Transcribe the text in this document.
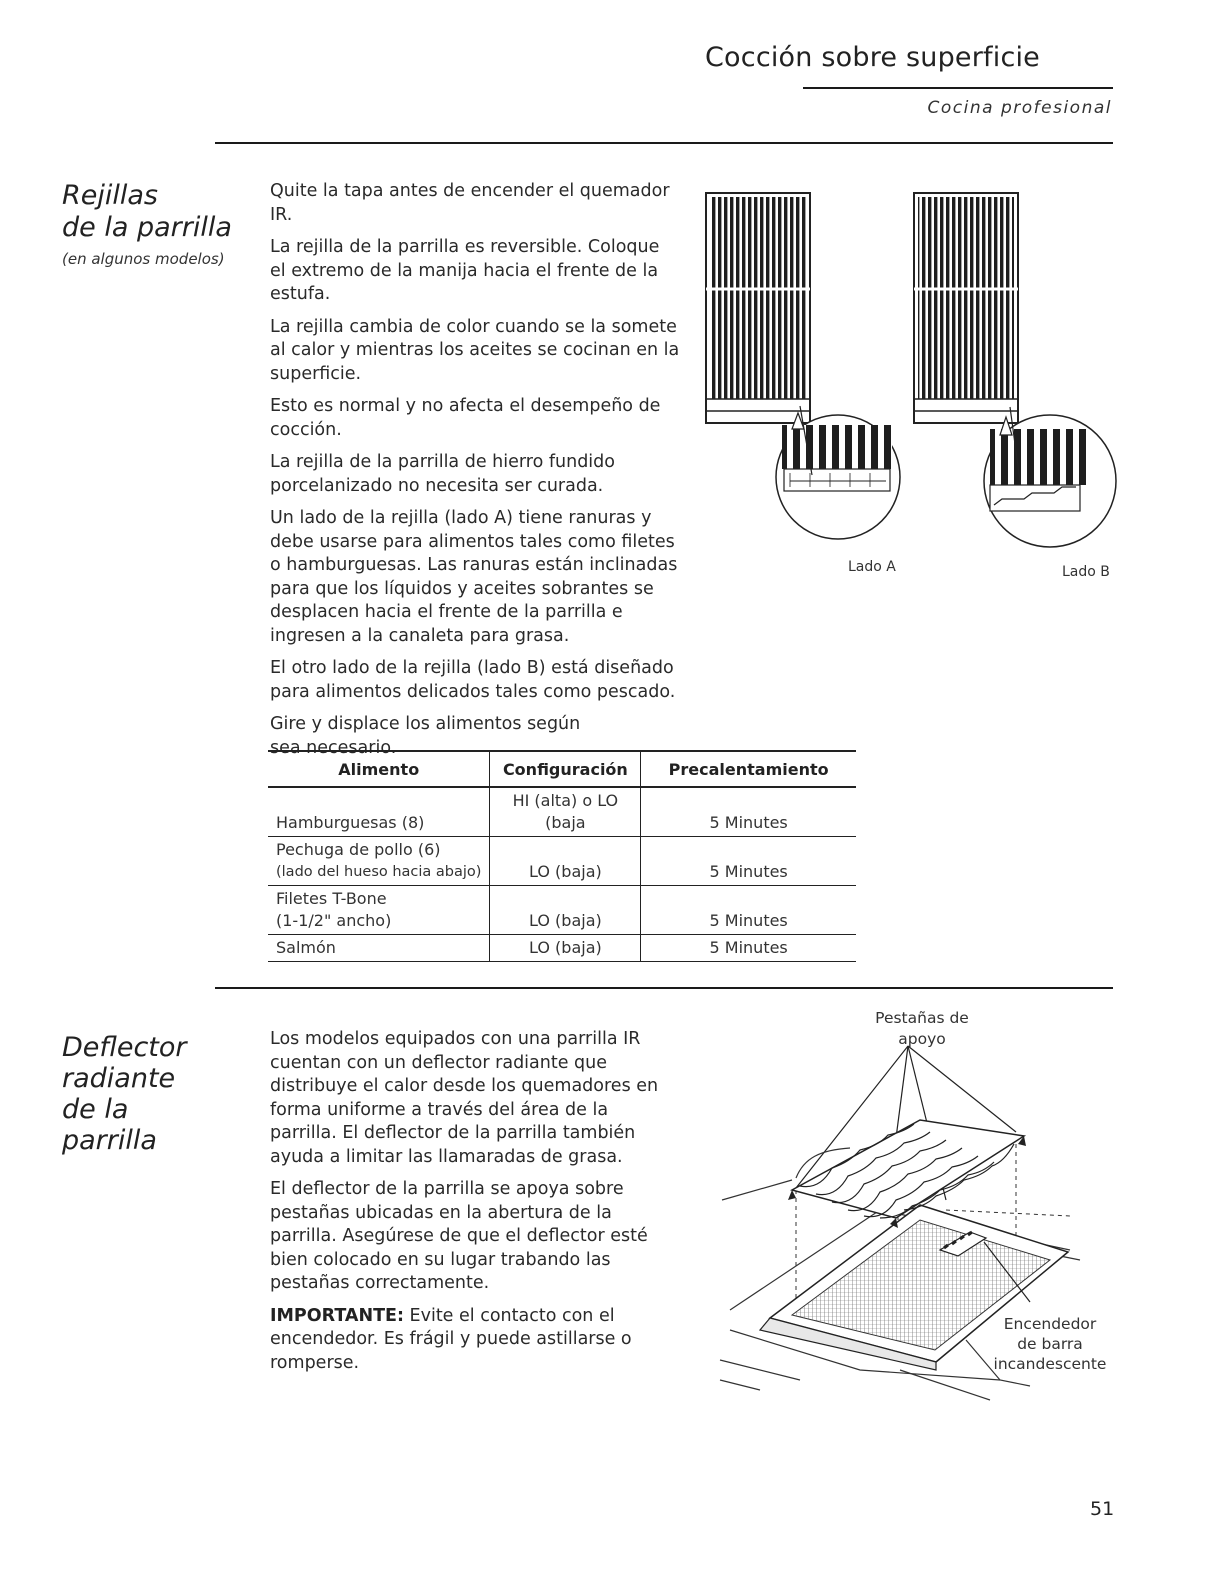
Cocción sobre superficie
Cocina profesional
Rejillas
de la parrilla
(en algunos modelos)

Quite la tapa antes de encender el quemador IR.

La rejilla de la parrilla es reversible. Coloque el extremo de la manija hacia el frente de la estufa.

La rejilla cambia de color cuando se la somete al calor y mientras los aceites se cocinan en la superficie.

Esto es normal y no afecta el desempeño de cocción.

La rejilla de la parrilla de hierro fundido porcelanizado no necesita ser curada.

Un lado de la rejilla (lado A) tiene ranuras y debe usarse para alimentos tales como filetes o hamburguesas. Las ranuras están inclinadas para que los líquidos y aceites sobrantes se desplacen hacia el frente de la parrilla e ingresen a la canaleta para grasa.

El otro lado de la rejilla (lado B) está diseñado para alimentos delicados tales como pescado.

Gire y displace los alimentos según sea necesario.

Lado A	Lado B
Alimento	Configuración	Precalentamiento
Hamburguesas (8)	HI (alta) o LO (baja	5 Minutes

Pechuga de pollo (6)
(lado del hueso hacia abajo)	LO (baja)	5 Minutes

Filetes T-Bone
(1-1/2" ancho)	LO (baja)	5 Minutes
Salmón	LO (baja)	5 Minutes
Deflector
radiante
de la
parrilla

Los modelos equipados con una parrilla IR cuentan con un deflector radiante que distribuye el calor desde los quemadores en forma uniforme a través del área de la parrilla. El deflector de la parrilla también ayuda a limitar las llamaradas de grasa.

El deflector de la parrilla se apoya sobre pestañas ubicadas en la abertura de la parrilla. Asegúrese de que el deflector esté bien colocado en su lugar trabando las pestañas correctamente.

IMPORTANTE: Evite el contacto con el encendedor. Es frágil y puede astillarse o romperse.

Pestañas de
apoyo
Encendedor
de barra
incandescente
51
